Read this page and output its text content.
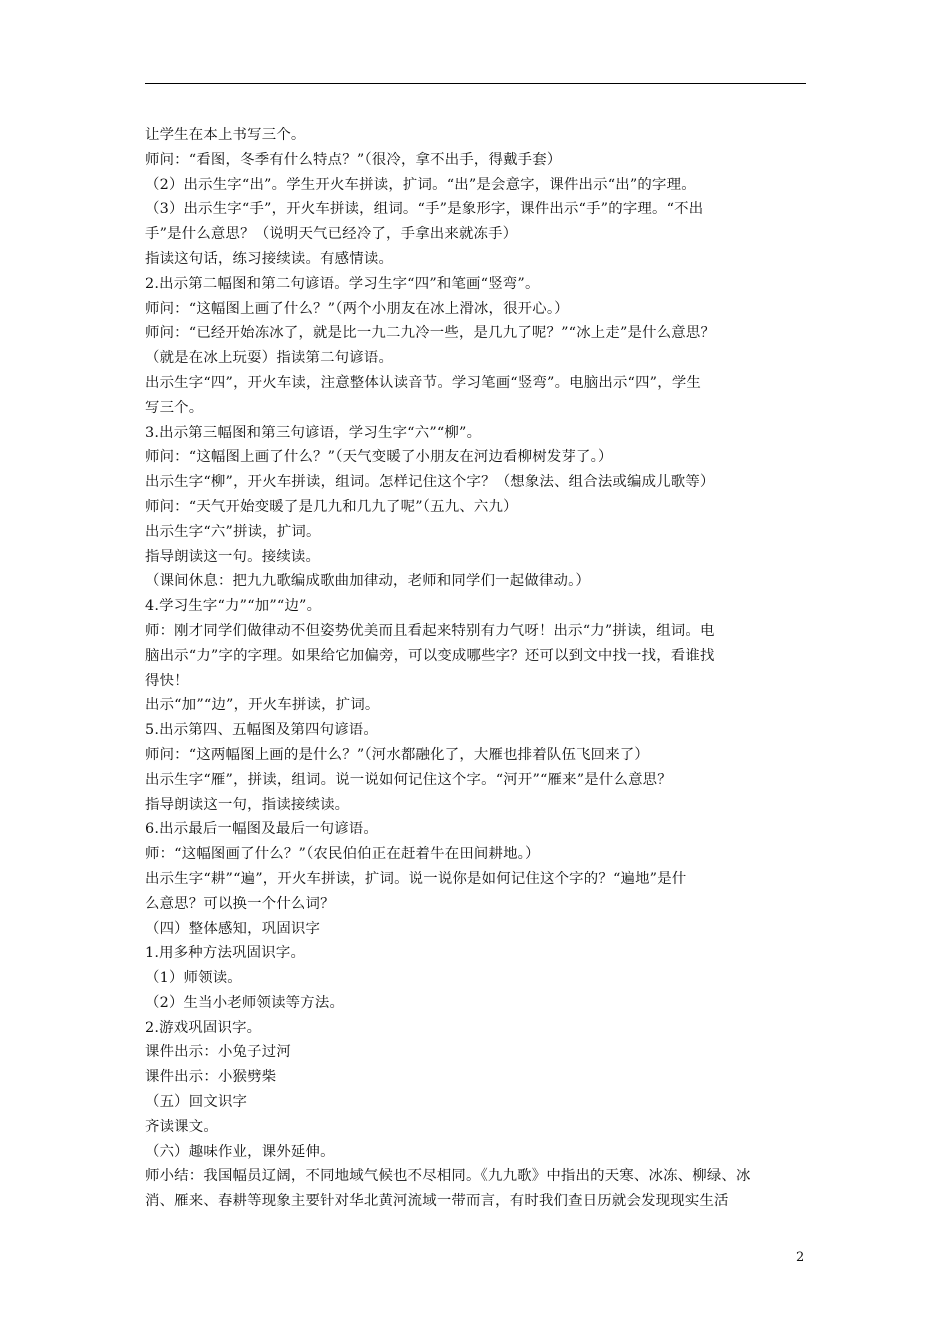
让学生在本上书写三个。
师问：“看图，冬季有什么特点？”（很冷，拿不出手，得戴手套）
（2）出示生字“出”。学生开火车拼读，扩词。“出”是会意字，课件出示“出”的字理。
（3）出示生字“手”，开火车拼读，组词。“手”是象形字，课件出示“手”的字理。“不出
手”是什么意思？（说明天气已经冷了，手拿出来就冻手）
指读这句话，练习接续读。有感情读。
2.出示第二幅图和第二句谚语。学习生字“四”和笔画“竖弯”。
师问：“这幅图上画了什么？”（两个小朋友在冰上滑冰，很开心。）
师问：“已经开始冻冰了，就是比一九二九冷一些，是几九了呢？”“冰上走”是什么意思？
（就是在冰上玩耍）指读第二句谚语。
出示生字“四”，开火车读，注意整体认读音节。学习笔画“竖弯”。电脑出示“四”，学生
写三个。
3.出示第三幅图和第三句谚语，学习生字“六”“柳”。
师问：“这幅图上画了什么？”（天气变暖了小朋友在河边看柳树发芽了。）
出示生字“柳”，开火车拼读，组词。怎样记住这个字？（想象法、组合法或编成儿歌等）
师问：“天气开始变暖了是几九和几九了呢”（五九、六九）
出示生字“六”拼读，扩词。
指导朗读这一句。接续读。
（课间休息：把九九歌编成歌曲加律动，老师和同学们一起做律动。）
4.学习生字“力”“加”“边”。
师：刚才同学们做律动不但姿势优美而且看起来特别有力气呀！出示“力”拼读，组词。电
脑出示“力”字的字理。如果给它加偏旁，可以变成哪些字？还可以到文中找一找，看谁找
得快！
出示“加”“边”，开火车拼读，扩词。
5.出示第四、五幅图及第四句谚语。
师问：“这两幅图上画的是什么？”（河水都融化了，大雁也排着队伍飞回来了）
出示生字“雁”，拼读，组词。说一说如何记住这个字。“河开”“雁来”是什么意思？
指导朗读这一句，指读接续读。
6.出示最后一幅图及最后一句谚语。
师：“这幅图画了什么？”（农民伯伯正在赶着牛在田间耕地。）
出示生字“耕”“遍”，开火车拼读，扩词。说一说你是如何记住这个字的？“遍地”是什
么意思？可以换一个什么词？
（四）整体感知，巩固识字
1.用多种方法巩固识字。
（1）师领读。
（2）生当小老师领读等方法。
2.游戏巩固识字。
课件出示：小兔子过河
课件出示：小猴劈柴
（五）回文识字
齐读课文。
（六）趣味作业，课外延伸。
师小结：我国幅员辽阔，不同地域气候也不尽相同。《九九歌》中指出的天寒、冰冻、柳绿、冰
消、雁来、春耕等现象主要针对华北黄河流域一带而言，有时我们查日历就会发现现实生活
2
